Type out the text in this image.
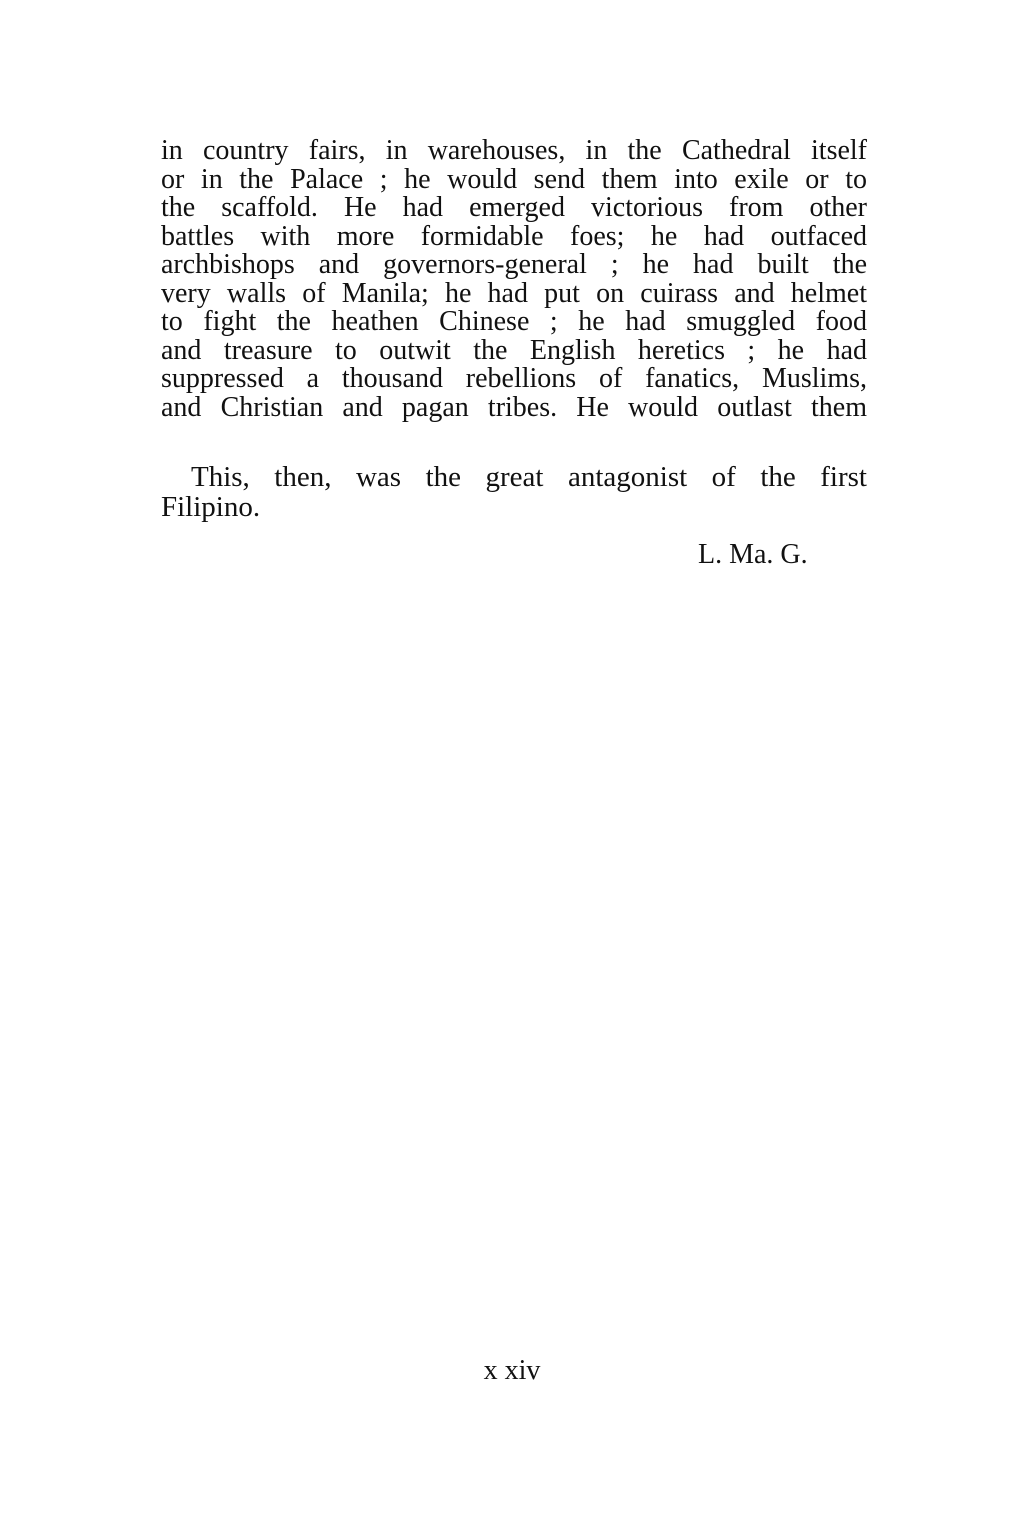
in country fairs, in warehouses, in the Cathedral itself
or in the Palace ; he would send them into exile or to
the scaffold. He had emerged victorious from other
battles with more formidable foes; he had outfaced
archbishops and governors-general ; he had built the
very walls of Manila; he had put on cuirass and helmet
to fight the heathen Chinese ; he had smuggled food
and treasure to outwit the English heretics ; he had
suppressed a thousand rebellions of fanatics, Muslims,
and Christian and pagan tribes. He would outlast them
This, then, was the great antagonist of the first
Filipino.
L. Ma. G.
x xiv
